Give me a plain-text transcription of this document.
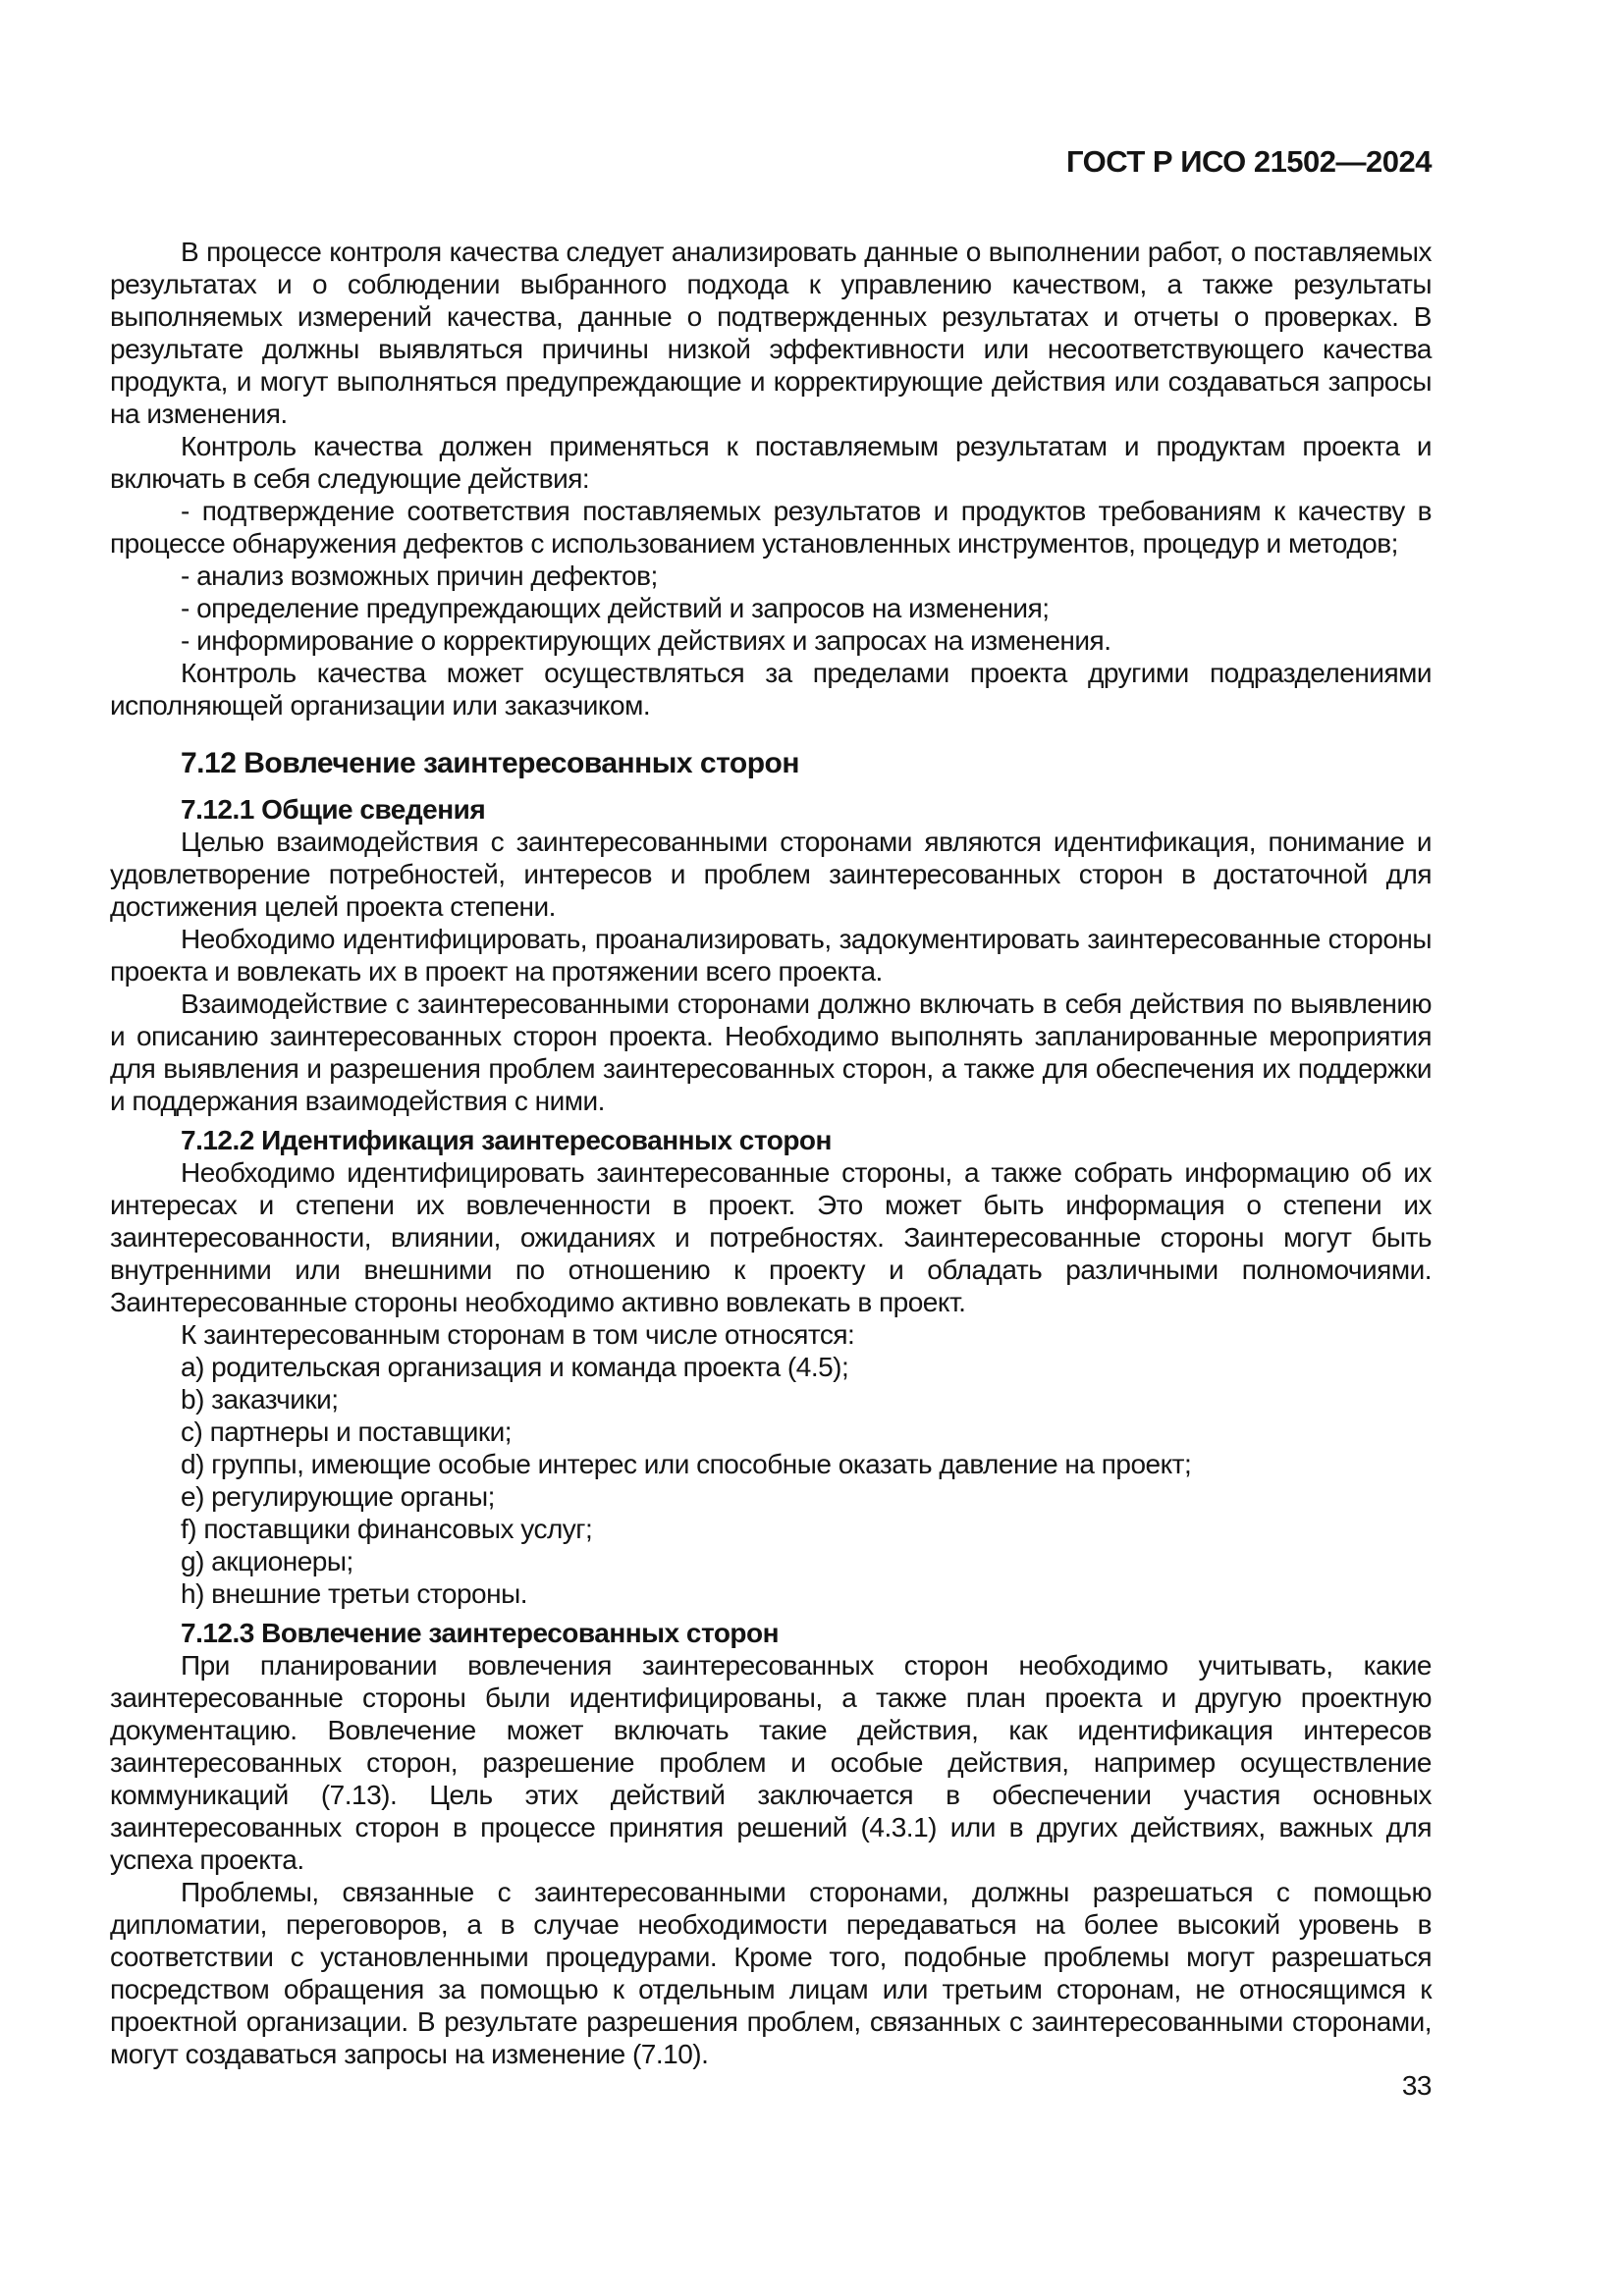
ГОСТ Р ИСО 21502—2024

В процессе контроля качества следует анализировать данные о выполнении работ, о поставляемых результатах и о соблюдении выбранного подхода к управлению качеством, а также результаты выполняемых измерений качества, данные о подтвержденных результатах и отчеты о проверках. В результате должны выявляться причины низкой эффективности или несоответствующего качества продукта, и могут выполняться предупреждающие и корректирующие действия или создаваться запросы на изменения.

Контроль качества должен применяться к поставляемым результатам и продуктам проекта и включать в себя следующие действия:

- подтверждение соответствия поставляемых результатов и продуктов требованиям к качеству в процессе обнаружения дефектов с использованием установленных инструментов, процедур и методов;

- анализ возможных причин дефектов;

- определение предупреждающих действий и запросов на изменения;

- информирование о корректирующих действиях и запросах на изменения.

Контроль качества может осуществляться за пределами проекта другими подразделениями исполняющей организации или заказчиком.

7.12 Вовлечение заинтересованных сторон
7.12.1 Общие сведения

Целью взаимодействия с заинтересованными сторонами являются идентификация, понимание и удовлетворение потребностей, интересов и проблем заинтересованных сторон в достаточной для достижения целей проекта степени.

Необходимо идентифицировать, проанализировать, задокументировать заинтересованные стороны проекта и вовлекать их в проект на протяжении всего проекта.

Взаимодействие с заинтересованными сторонами должно включать в себя действия по выявлению и описанию заинтересованных сторон проекта. Необходимо выполнять запланированные мероприятия для выявления и разрешения проблем заинтересованных сторон, а также для обеспечения их поддержки и поддержания взаимодействия с ними.

7.12.2 Идентификация заинтересованных сторон

Необходимо идентифицировать заинтересованные стороны, а также собрать информацию об их интересах и степени их вовлеченности в проект. Это может быть информация о степени их заинтересованности, влиянии, ожиданиях и потребностях. Заинтересованные стороны могут быть внутренними или внешними по отношению к проекту и обладать различными полномочиями. Заинтересованные стороны необходимо активно вовлекать в проект.

К заинтересованным сторонам в том числе относятся:

a) родительская организация и команда проекта (4.5);

b) заказчики;

c) партнеры и поставщики;

d) группы, имеющие особые интерес или способные оказать давление на проект;

e) регулирующие органы;

f) поставщики финансовых услуг;

g) акционеры;

h) внешние третьи стороны.

7.12.3 Вовлечение заинтересованных сторон

При планировании вовлечения заинтересованных сторон необходимо учитывать, какие заинтересованные стороны были идентифицированы, а также план проекта и другую проектную документацию. Вовлечение может включать такие действия, как идентификация интересов заинтересованных сторон, разрешение проблем и особые действия, например осуществление коммуникаций (7.13). Цель этих действий заключается в обеспечении участия основных заинтересованных сторон в процессе принятия решений (4.3.1) или в других действиях, важных для успеха проекта.

Проблемы, связанные с заинтересованными сторонами, должны разрешаться с помощью дипломатии, переговоров, а в случае необходимости передаваться на более высокий уровень в соответствии с установленными процедурами. Кроме того, подобные проблемы могут разрешаться посредством обращения за помощью к отдельным лицам или третьим сторонам, не относящимся к проектной организации. В результате разрешения проблем, связанных с заинтересованными сторонами, могут создаваться запросы на изменение (7.10).

33
